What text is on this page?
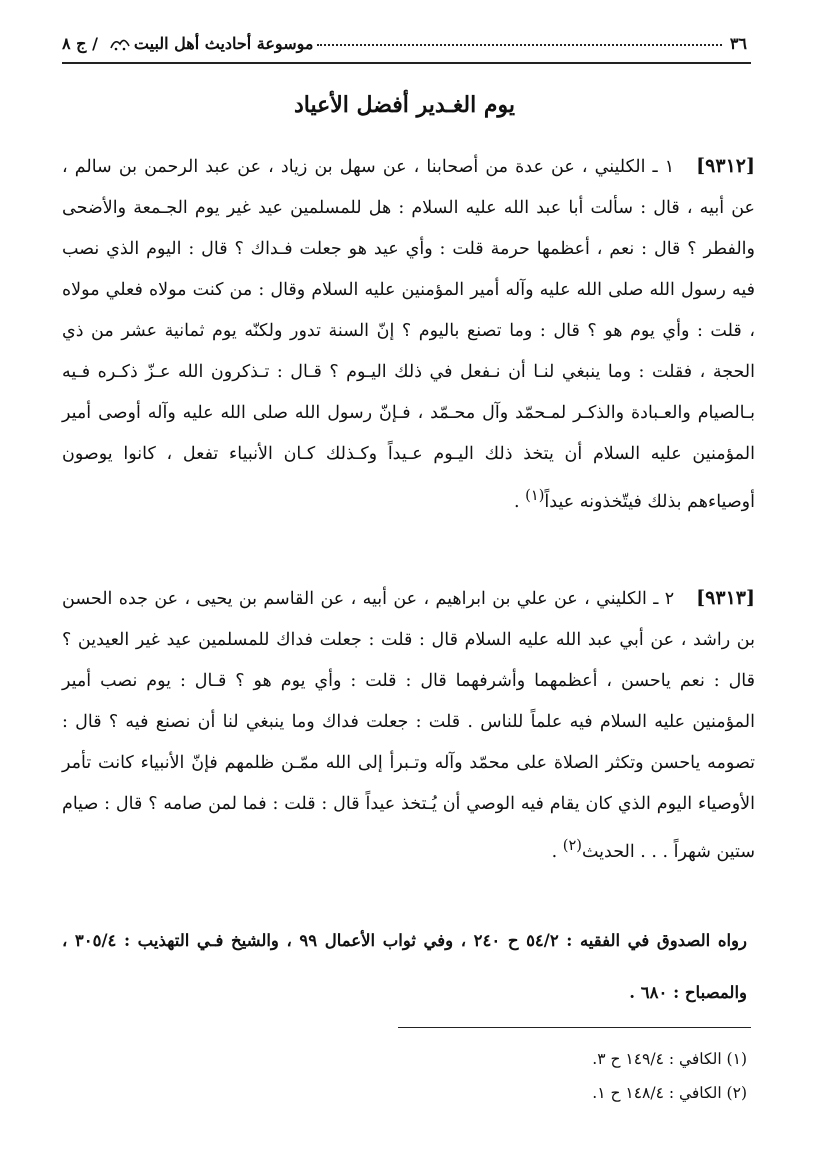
٣٦
موسوعة أحاديث أهل البيت
/ ج ٨
يوم الغـدير أفضل الأعياد
[٩٣١٢]١ ـ الكليني ، عن عدة من أصحابنا ، عن سهل بن زياد ، عن عبد الرحمن بن سالم ، عن أبيه ، قال : سألت أبا عبد الله عليه السلام : هل للمسلمين عيد غير يوم الجـمعة والأضحى والفطر ؟ قال : نعم ، أعظمها حرمة قلت : وأي عيد هو جعلت فـداك ؟ قال : اليوم الذي نصب فيه رسول الله صلى الله عليه وآله أمير المؤمنين عليه السلام وقال : من كنت مولاه فعلي مولاه ، قلت : وأي يوم هو ؟ قال : وما تصنع باليوم ؟ إنّ السنة تدور ولكنّه يوم ثمانية عشر من ذي الحجة ، فقلت : وما ينبغي لنـا أن نـفعل في ذلك اليـوم ؟ قـال : تـذكرون الله عـزّ ذكـره فـيه بـالصيام والعـبادة والذكـر لمـحمّد وآل محـمّد ، فـإنّ رسول الله صلى الله عليه وآله أوصى أمير المؤمنين عليه السلام أن يتخذ ذلك اليـوم عـيداً وكـذلك كـان الأنبياء تفعل ، كانوا يوصون أوصياءهم بذلك فيتّخذونه عيداً$^{(١)}$ .
[٩٣١٣]٢ ـ الكليني ، عن علي بن ابراهيم ، عن أبيه ، عن القاسم بن يحيى ، عن جده الحسن بن راشد ، عن أبي عبد الله عليه السلام قال : قلت : جعلت فداك للمسلمين عيد غير العيدين ؟ قال : نعم ياحسن ، أعظمهما وأشرفهما قال : قلت : وأي يوم هو ؟ قـال : يوم نصب أمير المؤمنين عليه السلام فيه علماً للناس . قلت : جعلت فداك وما ينبغي لنا أن نصنع فيه ؟ قال : تصومه ياحسن وتكثر الصلاة على محمّد وآله وتـبرأ إلى الله ممّـن ظلمهم فإنّ الأنبياء كانت تأمر الأوصياء اليوم الذي كان يقام فيه الوصي أن يُـتخذ عيداً قال : قلت : فما لمن صامه ؟ قال : صيام ستين شهراً . . . الحديث$^{(٢)}$ .
رواه الصدوق في الفقيه : ٥٤/٢ ح ٢٤٠ ، وفي ثواب الأعمال ٩٩ ، والشيخ فـي التهذيب : ٣٠٥/٤ ، والمصباح : ٦٨٠ .
(١) الكافي : ١٤٩/٤ ح ٣.
(٢) الكافي : ١٤٨/٤ ح ١.
